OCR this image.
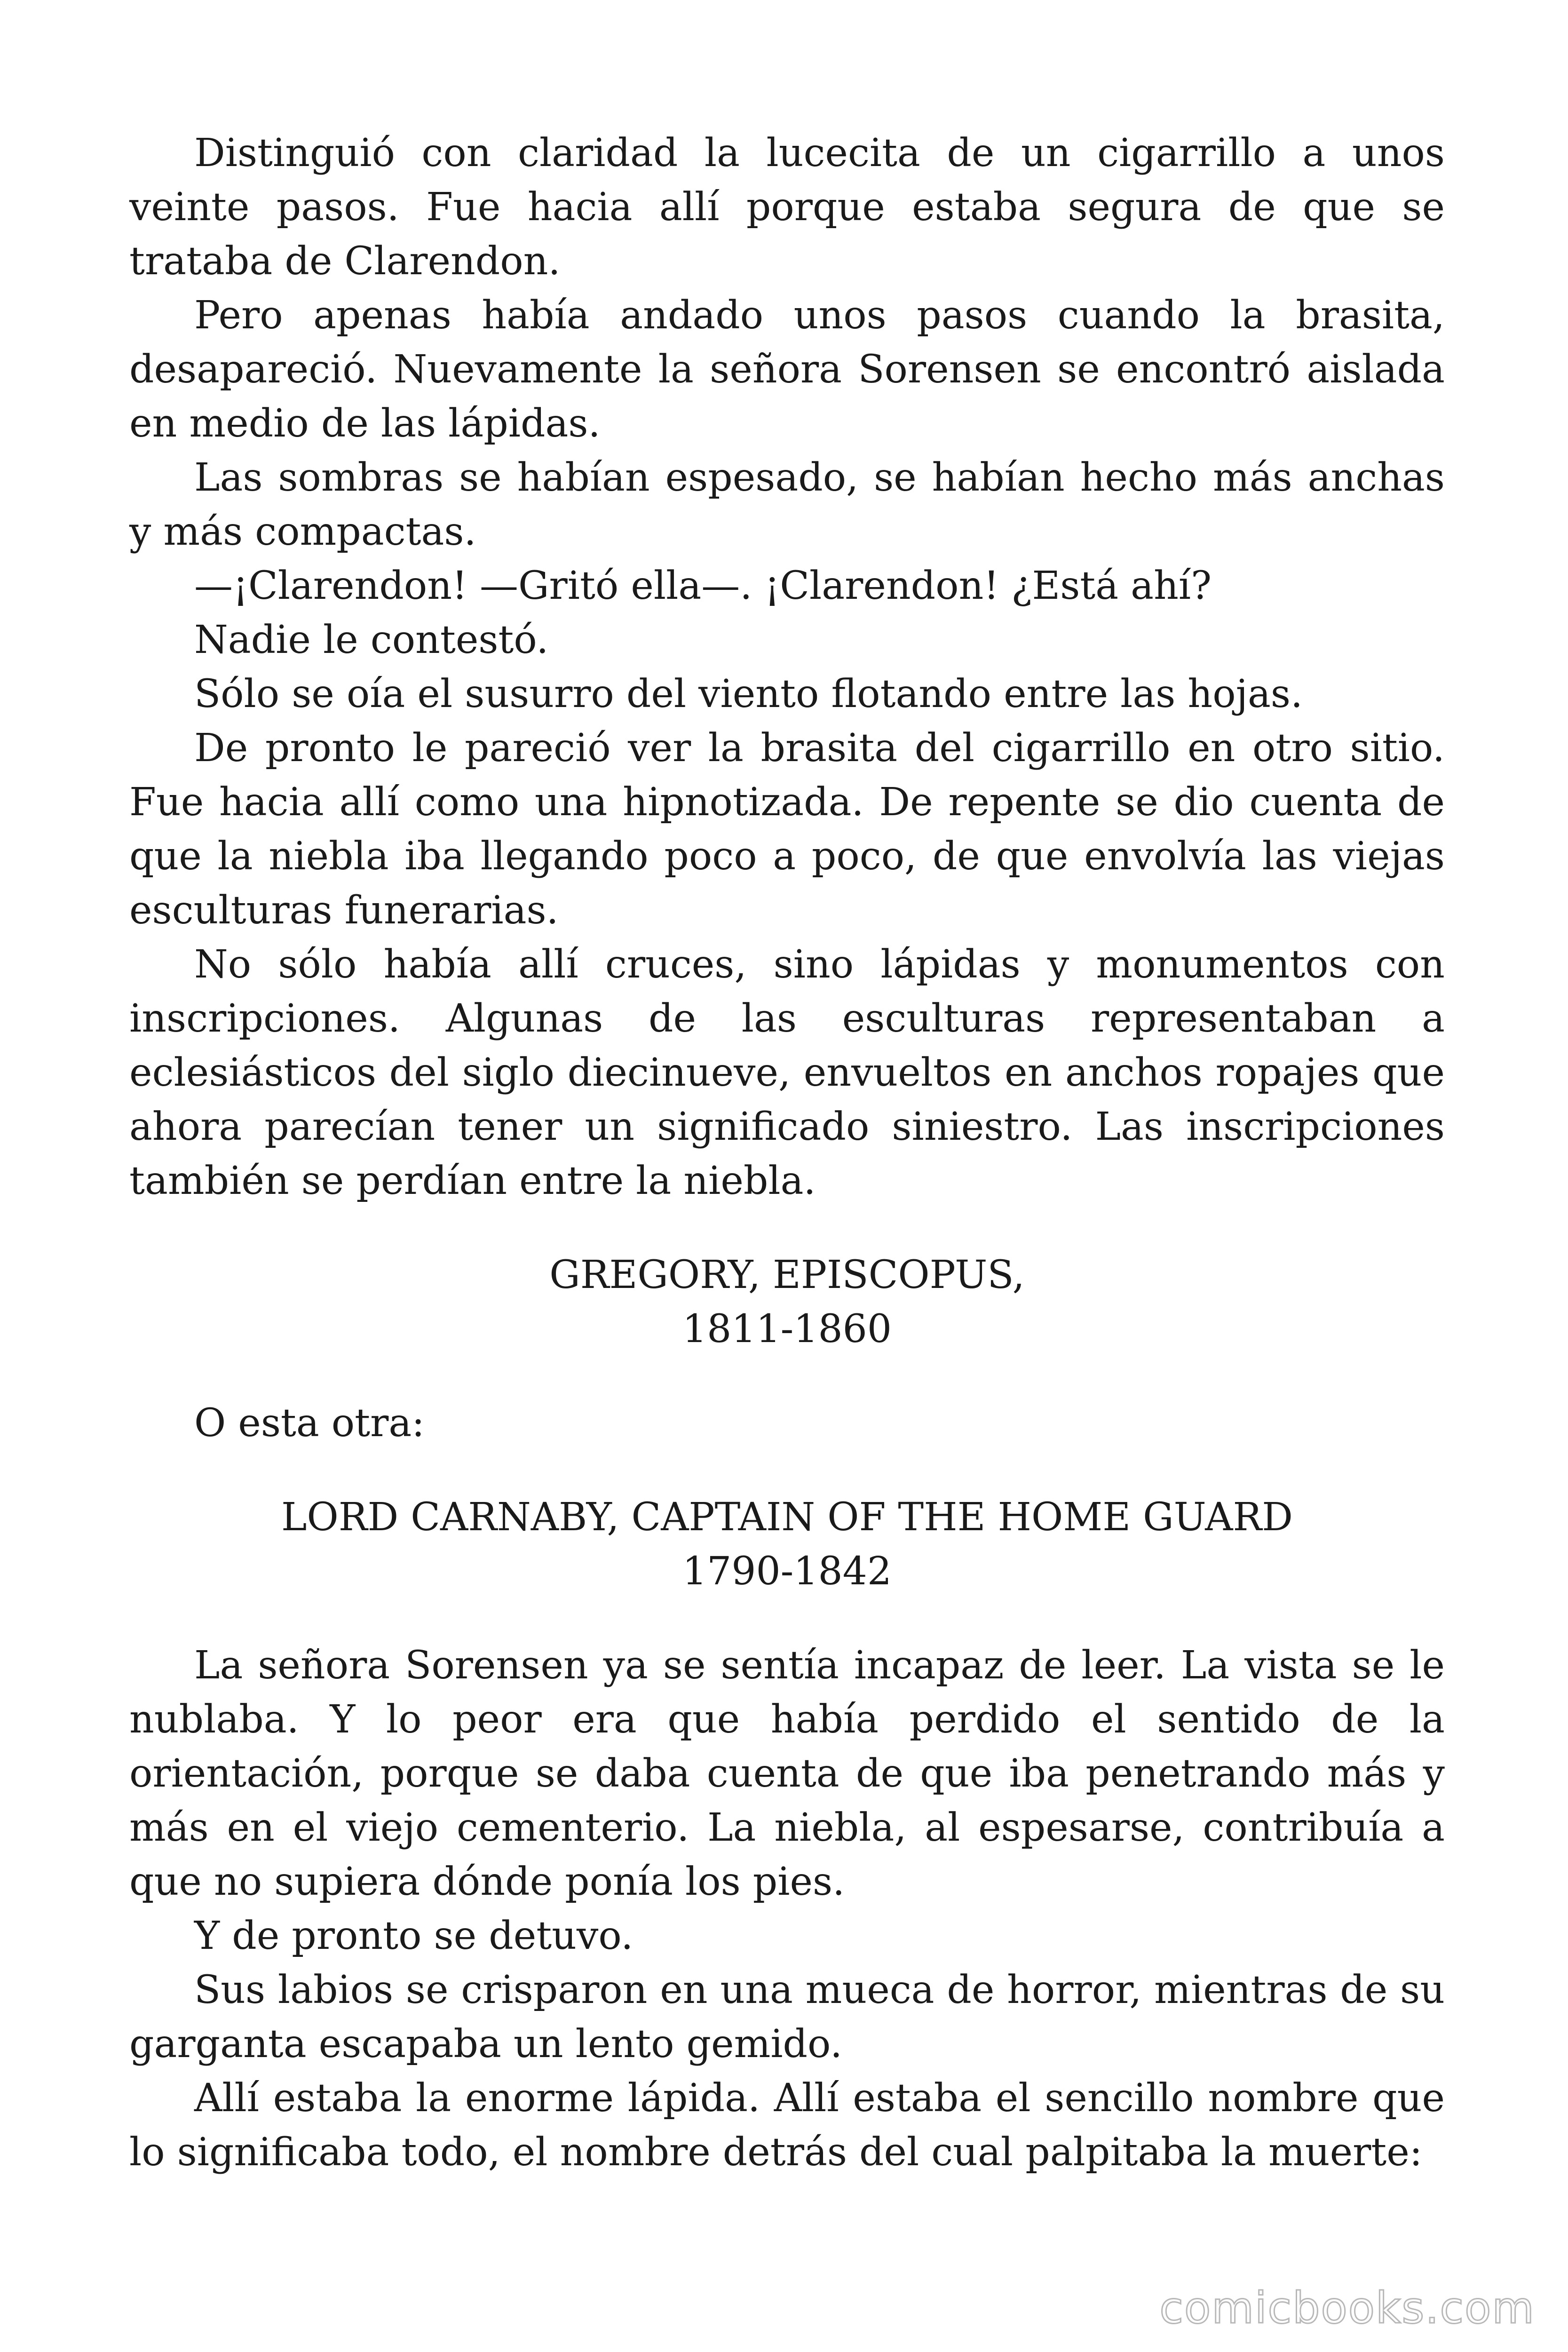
Distinguió con claridad la lucecita de un cigarrillo a unos veinte pasos. Fue hacia allí porque estaba segura de que se trataba de Clarendon.

Pero apenas había andado unos pasos cuando la brasita, desapareció. Nuevamente la señora Sorensen se encontró aislada en medio de las lápidas.

Las sombras se habían espesado, se habían hecho más anchas y más compactas.

—¡Clarendon! —Gritó ella—. ¡Clarendon! ¿Está ahí?

Nadie le contestó.

Sólo se oía el susurro del viento flotando entre las hojas.

De pronto le pareció ver la brasita del cigarrillo en otro sitio. Fue hacia allí como una hipnotizada. De repente se dio cuenta de que la niebla iba llegando poco a poco, de que envolvía las viejas esculturas funerarias.

No sólo había allí cruces, sino lápidas y monumentos con inscripciones. Algunas de las esculturas representaban a eclesiásticos del siglo diecinueve, envueltos en anchos ropajes que ahora parecían tener un significado siniestro. Las inscripciones también se perdían entre la niebla.

GREGORY, EPISCOPUS,

1811-1860

O esta otra:

LORD CARNABY, CAPTAIN OF THE HOME GUARD

1790-1842

La señora Sorensen ya se sentía incapaz de leer. La vista se le nublaba. Y lo peor era que había perdido el sentido de la orientación, porque se daba cuenta de que iba penetrando más y más en el viejo cementerio. La niebla, al espesarse, contribuía a que no supiera dónde ponía los pies.

Y de pronto se detuvo.

Sus labios se crisparon en una mueca de horror, mientras de su garganta escapaba un lento gemido.

Allí estaba la enorme lápida. Allí estaba el sencillo nombre que lo significaba todo, el nombre detrás del cual palpitaba la muerte:

comicbooks.com
